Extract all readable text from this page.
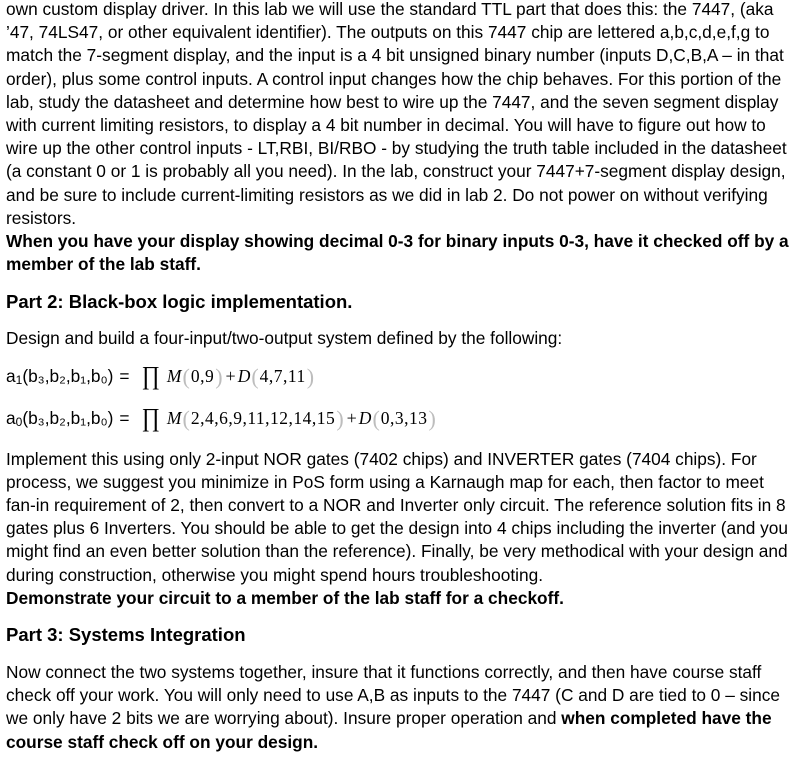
own custom display driver. In this lab we will use the standard TTL part that does this: the 7447, (aka ’47, 74LS47, or other equivalent identifier). The outputs on this 7447 chip are lettered a,b,c,d,e,f,g to match the 7-segment display, and the input is a 4 bit unsigned binary number (inputs D,C,B,A – in that order), plus some control inputs. A control input changes how the chip behaves. For this portion of the lab, study the datasheet and determine how best to wire up the 7447, and the seven segment display with current limiting resistors, to display a 4 bit number in decimal. You will have to figure out how to wire up the other control inputs - LT,RBI, BI/RBO - by studying the truth table included in the datasheet (a constant 0 or 1 is probably all you need). In the lab, construct your 7447+7-segment display design, and be sure to include current-limiting resistors as we did in lab 2. Do not power on without verifying resistors.

When you have your display showing decimal 0-3 for binary inputs 0-3, have it checked off by a member of the lab staff.

Part 2: Black-box logic implementation.

Design and build a four-input/two-output system defined by the following:

a 1 (b₃,b₂,b₁,b₀) = ∏ M ( 0,9 ) + D ( 4,7,11 )
a 0 (b₃,b₂,b₁,b₀) = ∏ M ( 2,4,6,9,11,12,14,15 ) + D ( 0,3,13 )

Implement this using only 2-input NOR gates (7402 chips) and INVERTER gates (7404 chips). For process, we suggest you minimize in PoS form using a Karnaugh map for each, then factor to meet fan-in requirement of 2, then convert to a NOR and Inverter only circuit. The reference solution fits in 8 gates plus 6 Inverters. You should be able to get the design into 4 chips including the inverter (and you might find an even better solution than the reference). Finally, be very methodical with your design and during construction, otherwise you might spend hours troubleshooting.

Demonstrate your circuit to a member of the lab staff for a checkoff.

Part 3: Systems Integration

Now connect the two systems together, insure that it functions correctly, and then have course staff check off your work. You will only need to use A,B as inputs to the 7447 (C and D are tied to 0 – since we only have 2 bits we are worrying about). Insure proper operation and when completed have the course staff check off on your design.
